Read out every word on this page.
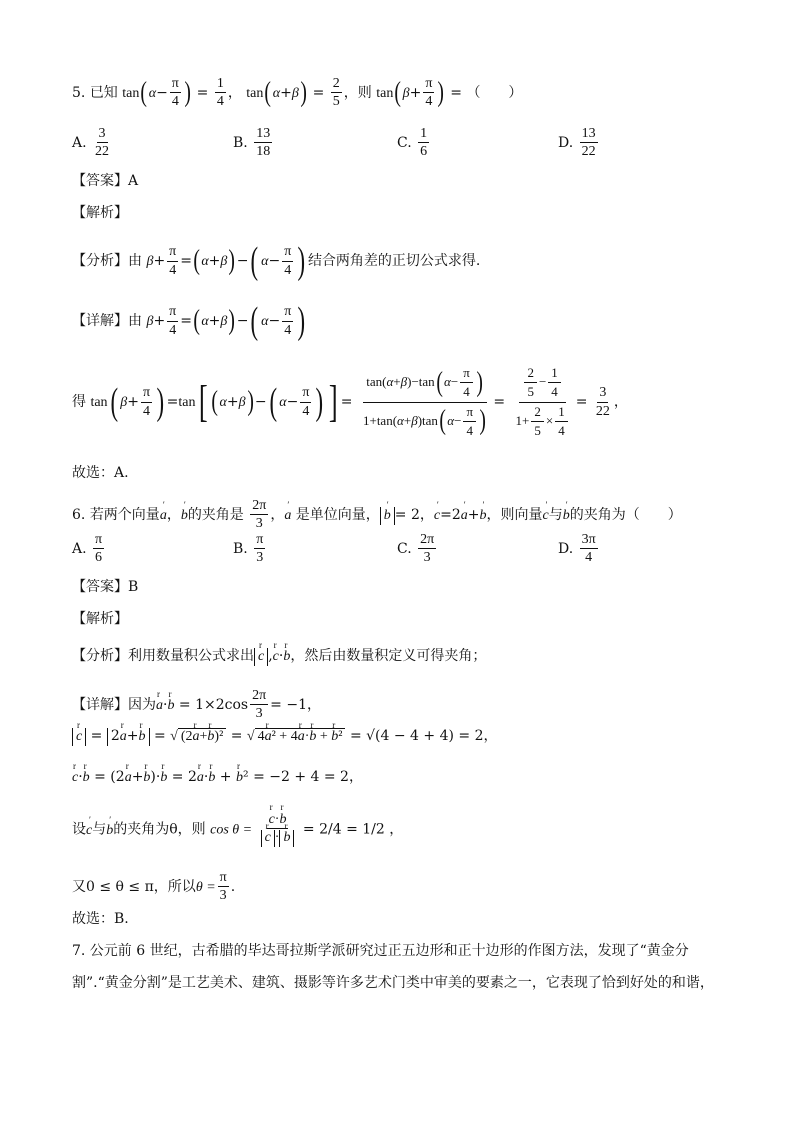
5. 已知 $\tan(\alpha- \frac{\pi}{4}$ ) = $\frac{1}{4}$ ， $\tan(\alpha+\beta) = \frac{2}{5}$ ，则 $\tan(\beta+ \frac{\pi}{4}$ ) = （　　）
A. $\frac{3}{22}$	B. $\frac{13}{18}$	C. $\frac{1}{6}$	D. $\frac{13}{22}$
【答案】A
【解析】
【分析】由 $\beta+ \frac{\pi}{4} =(\alpha+\beta)-$( $\alpha- \frac{\pi}{4}$ ) 结合两角差的正切公式求得.
【详解】由 $\beta+ \frac{\pi}{4} =(\alpha+\beta)-$( $\alpha- \frac{\pi}{4}$ )
得 tan( $\beta+ \frac{\pi}{4}$ ) =tan[ (α+β)−( $\alpha- \frac{\pi}{4}$ ) ] = $\frac{\tan(\alpha+\beta)-\tan(\alpha- \frac{\pi}{4} )}{1+\tan(\alpha+\beta)\tan(\alpha- \frac{\pi}{4} )} = \frac{\frac{2}{5} - \frac{1}{4}}{1+ \frac{2}{5} \times \frac{1}{4}} = \frac{3}{22}$ ，
故选：A.
6. 若两个向量′ a，′ b的夹角是 $\frac{2\pi}{3}$ ，′ a 是单位向量， ′ b = 2，′ c=2′ a+′ b，则向量′ c与′ b的夹角为（　　）
A. $\frac{\pi}{6}$	B. $\frac{\pi}{3}$	C. $\frac{2\pi}{3}$	D. $\frac{3\pi}{4}$
【答案】B
【解析】
【分析】利用数量积公式求出 r c ,r c·r b，然后由数量积定义可得夹角；
【详解】因为r a·r $b = 1\times 2\cos \frac{2\pi}{3} = -1$，
r c = 2r a+r b = √ (2r a+r b)² = √ 4r a² + 4r a·r b + r b² = √(4 − 4 + 4) = 2，
r c·r b = (2r a+r b)·r b = 2r a·r b + r b² = −2 + 4 = 2，
设′ c与′ b的夹角为θ，则 cos θ = r c·r b
r c · r b = 2/4 = 1/2 ，
又0 ≤ θ ≤ π，所以$\theta = \frac{\pi}{3}$ .
故选：B.
7. 公元前 6 世纪，古希腊的毕达哥拉斯学派研究过正五边形和正十边形的作图方法，发现了“黄金分
割”.“黄金分割”是工艺美术、建筑、摄影等许多艺术门类中审美的要素之一，它表现了恰到好处的和谐，
